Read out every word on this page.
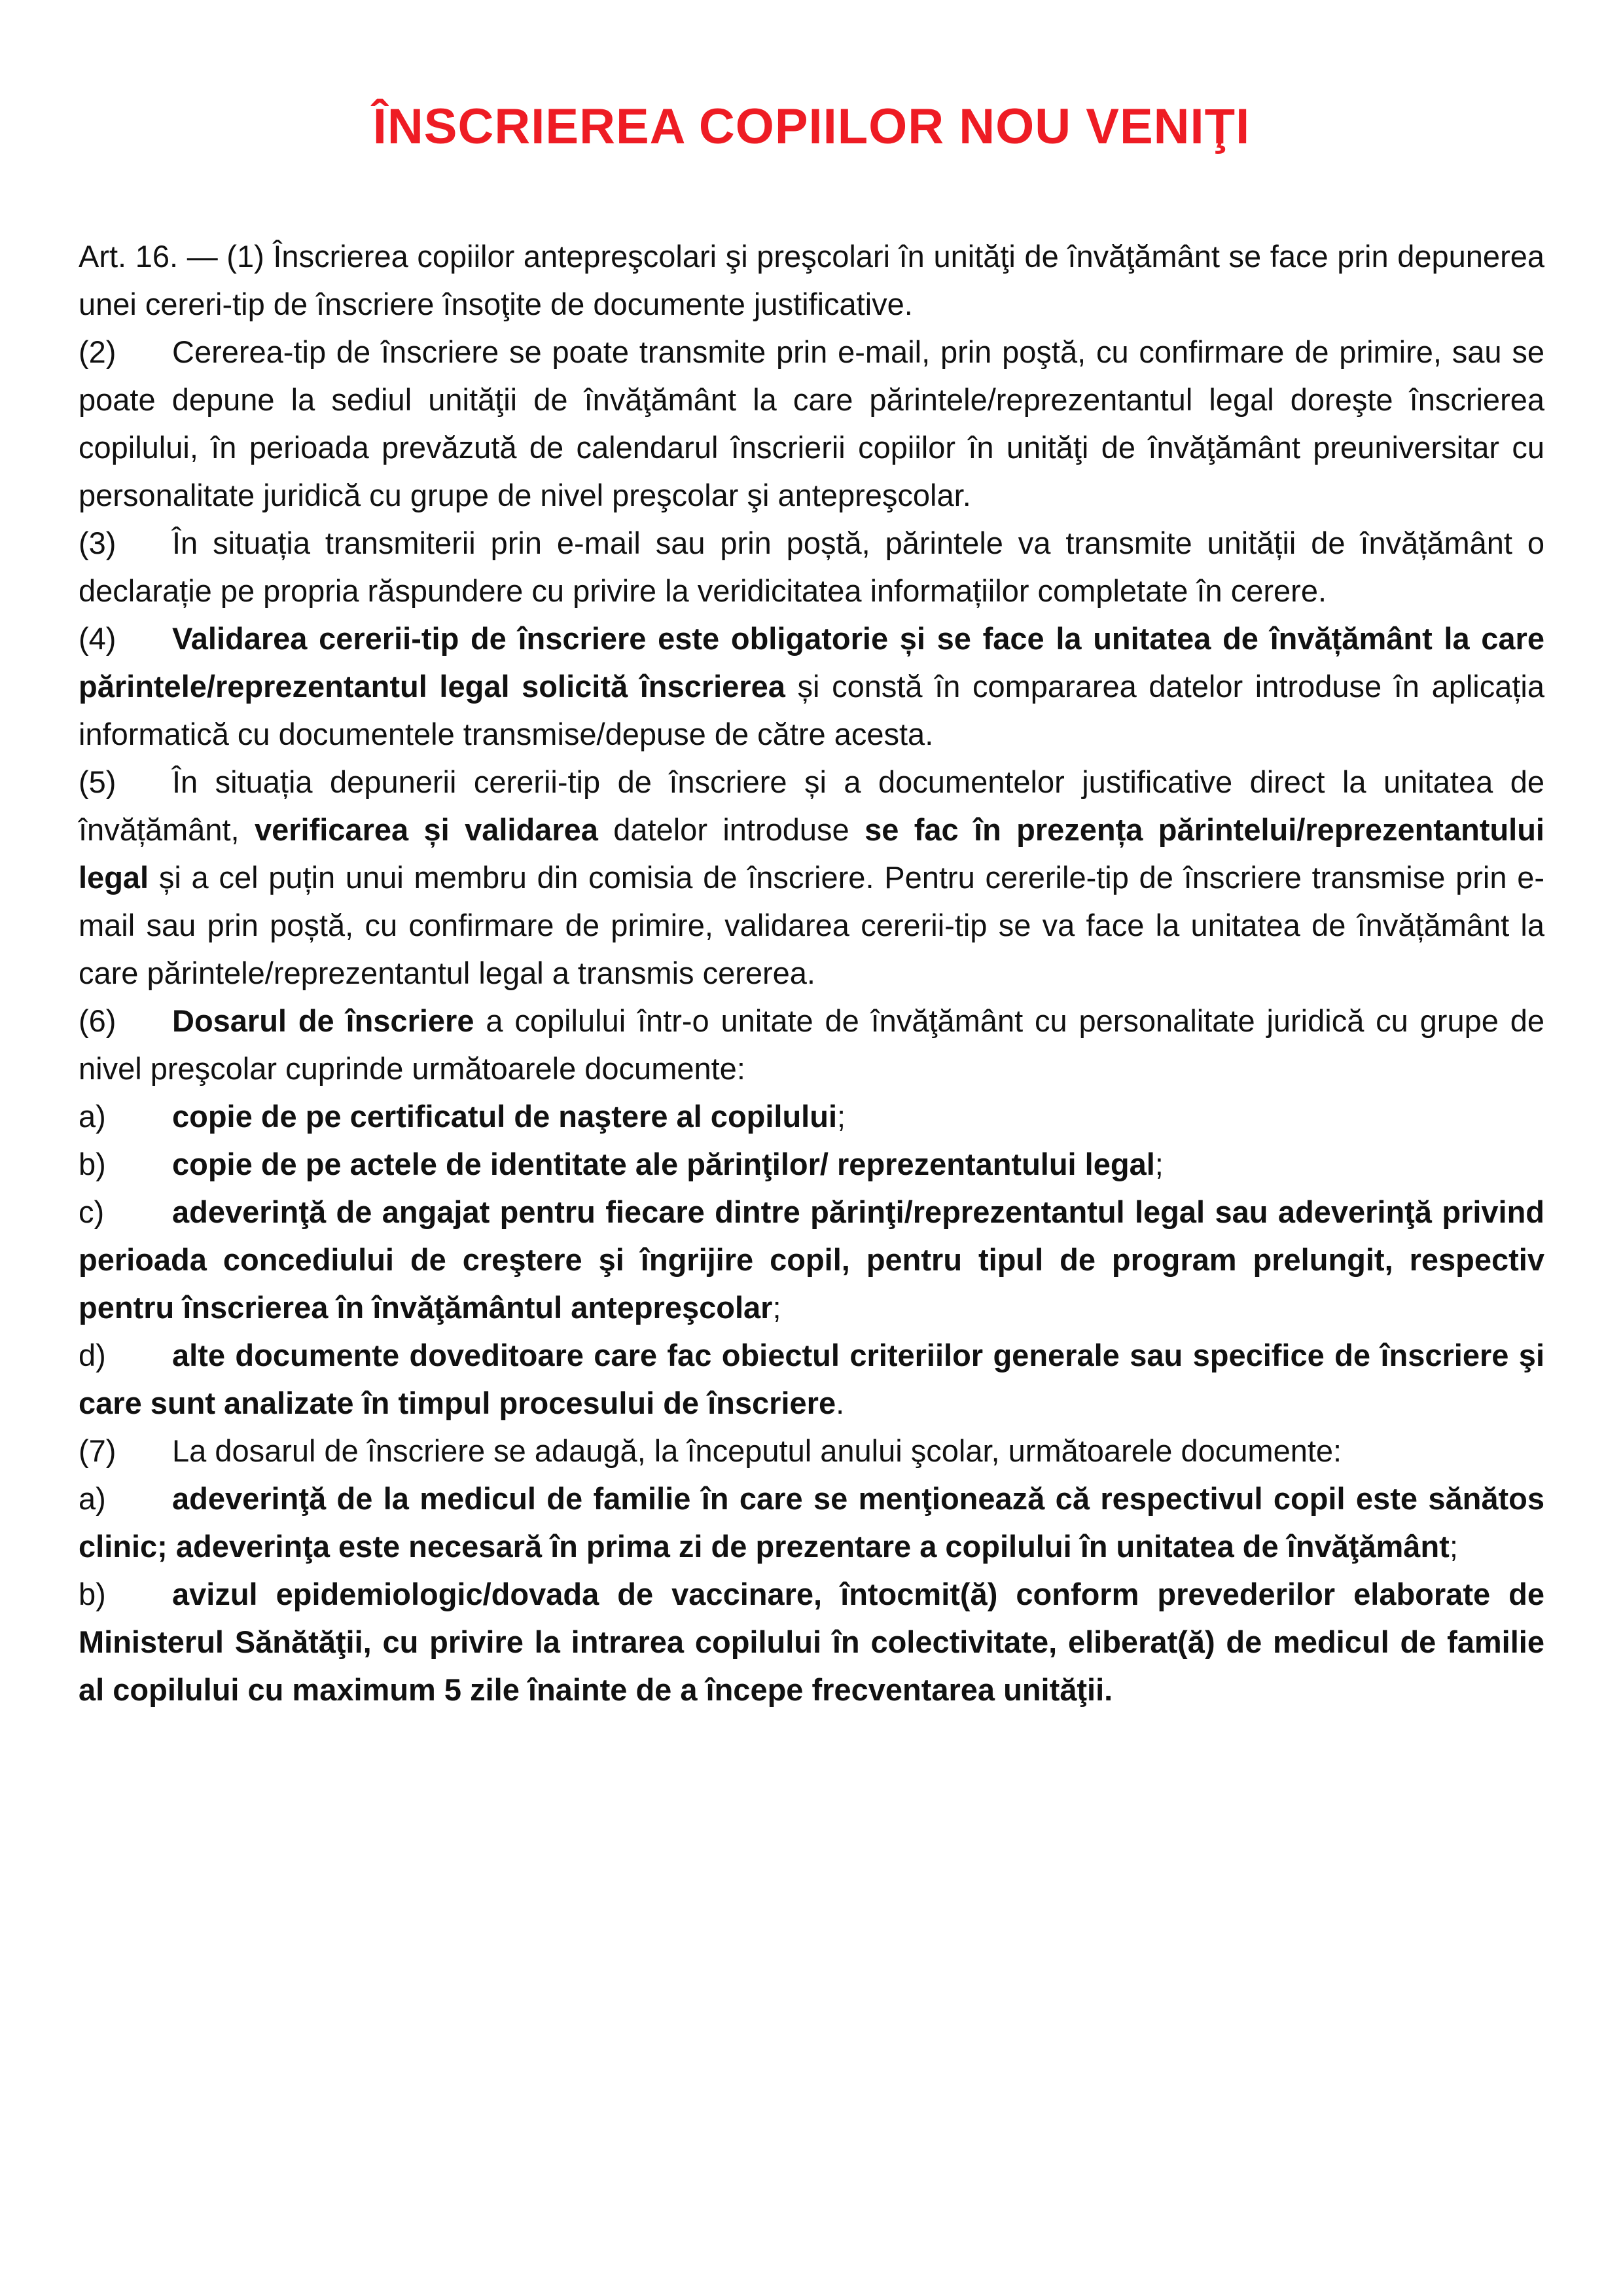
ÎNSCRIEREA COPIILOR NOU VENIŢI

Art. 16. — (1) Înscrierea copiilor antepreşcolari şi preşcolari în unităţi de învăţământ se face prin depunerea unei cereri-tip de înscriere însoţite de documente justificative.

(2) Cererea-tip de înscriere se poate transmite prin e-mail, prin poştă, cu confirmare de primire, sau se poate depune la sediul unităţii de învăţământ la care părintele/reprezentantul legal doreşte înscrierea copilului, în perioada prevăzută de calendarul înscrierii copiilor în unităţi de învăţământ preuniversitar cu personalitate juridică cu grupe de nivel preşcolar şi antepreşcolar.

(3) În situația transmiterii prin e-mail sau prin poștă, părintele va transmite unității de învățământ o declarație pe propria răspundere cu privire la veridicitatea informațiilor completate în cerere.

(4) Validarea cererii-tip de înscriere este obligatorie și se face la unitatea de învățământ la care părintele/reprezentantul legal solicită înscrierea și constă în compararea datelor introduse în aplicația informatică cu documentele transmise/depuse de către acesta.

(5) În situația depunerii cererii-tip de înscriere și a documentelor justificative direct la unitatea de învățământ, verificarea și validarea datelor introduse se fac în prezența părintelui/reprezentantului legal și a cel puțin unui membru din comisia de înscriere. Pentru cererile-tip de înscriere transmise prin e-mail sau prin poștă, cu confirmare de primire, validarea cererii-tip se va face la unitatea de învățământ la care părintele/reprezentantul legal a transmis cererea.

(6) Dosarul de înscriere a copilului într-o unitate de învăţământ cu personalitate juridică cu grupe de nivel preşcolar cuprinde următoarele documente:

a) copie de pe certificatul de naştere al copilului;

b) copie de pe actele de identitate ale părinţilor/ reprezentantului legal;

c) adeverinţă de angajat pentru fiecare dintre părinţi/reprezentantul legal sau adeverinţă privind perioada concediului de creştere şi îngrijire copil, pentru tipul de program prelungit, respectiv pentru înscrierea în învăţământul antepreşcolar;

d) alte documente doveditoare care fac obiectul criteriilor generale sau specifice de înscriere şi care sunt analizate în timpul procesului de înscriere.

(7) La dosarul de înscriere se adaugă, la începutul anului şcolar, următoarele documente:

a) adeverinţă de la medicul de familie în care se menţionează că respectivul copil este sănătos clinic; adeverinţa este necesară în prima zi de prezentare a copilului în unitatea de învăţământ;

b) avizul epidemiologic/dovada de vaccinare, întocmit(ă) conform prevederilor elaborate de Ministerul Sănătăţii, cu privire la intrarea copilului în colectivitate, eliberat(ă) de medicul de familie al copilului cu maximum 5 zile înainte de a începe frecventarea unităţii.
